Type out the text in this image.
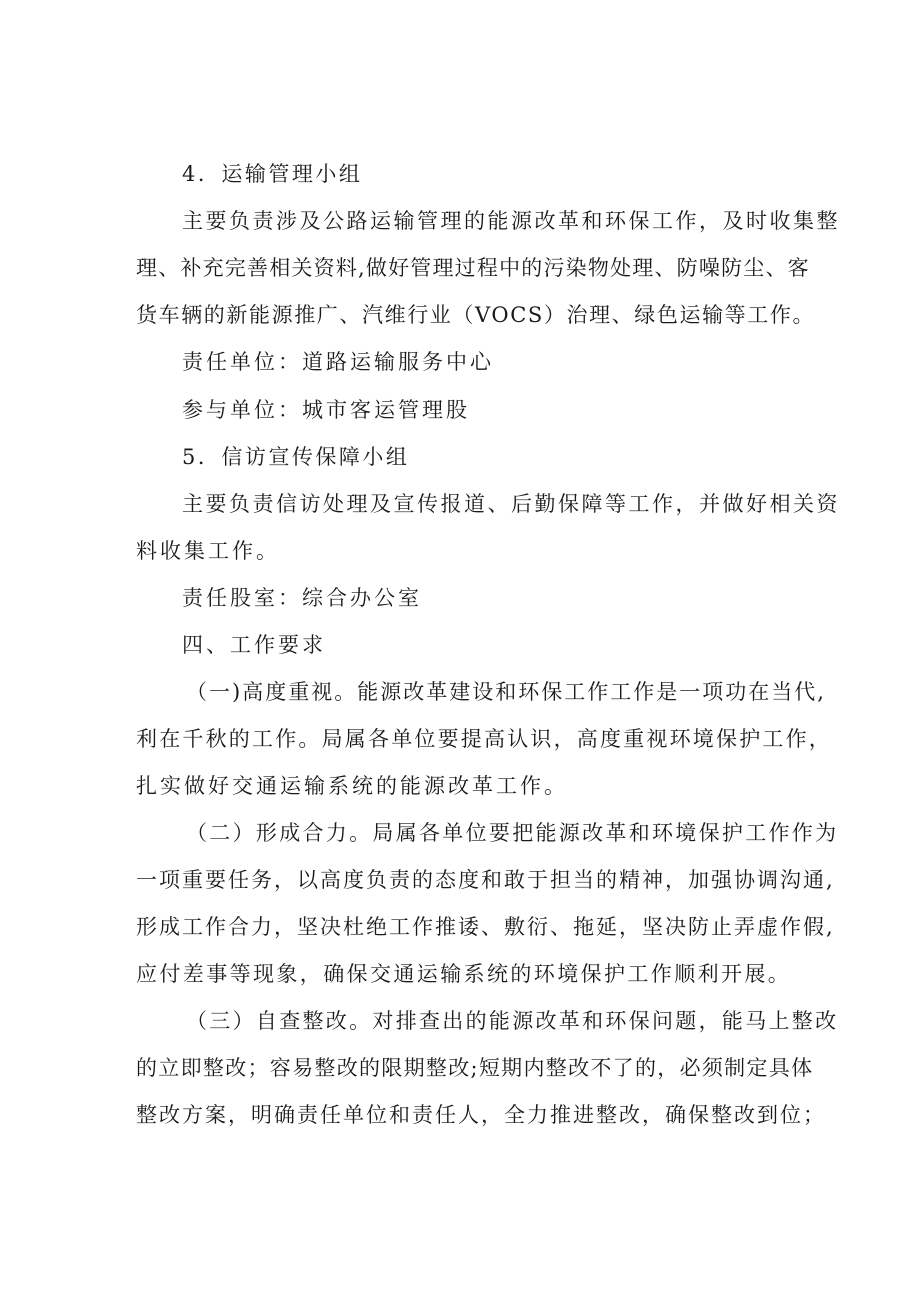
4．运输管理小组
主要负责涉及公路运输管理的能源改革和环保工作，及时收集整
理、补充完善相关资料,做好管理过程中的污染物处理、防噪防尘、客
货车辆的新能源推广、汽维行业（VOCS）治理、绿色运输等工作。
责任单位：道路运输服务中心
参与单位：城市客运管理股
5．信访宣传保障小组
主要负责信访处理及宣传报道、后勤保障等工作，并做好相关资
料收集工作。
责任股室：综合办公室
四、工作要求
（一)高度重视。能源改革建设和环保工作工作是一项功在当代,
利在千秋的工作。局属各单位要提高认识，高度重视环境保护工作，
扎实做好交通运输系统的能源改革工作。
（二）形成合力。局属各单位要把能源改革和环境保护工作作为
一项重要任务，以高度负责的态度和敢于担当的精神，加强协调沟通,
形成工作合力，坚决杜绝工作推诿、敷衍、拖延，坚决防止弄虚作假,
应付差事等现象，确保交通运输系统的环境保护工作顺利开展。
（三）自查整改。对排查出的能源改革和环保问题，能马上整改
的立即整改；容易整改的限期整改;短期内整改不了的，必须制定具体
整改方案，明确责任单位和责任人，全力推进整改，确保整改到位；
